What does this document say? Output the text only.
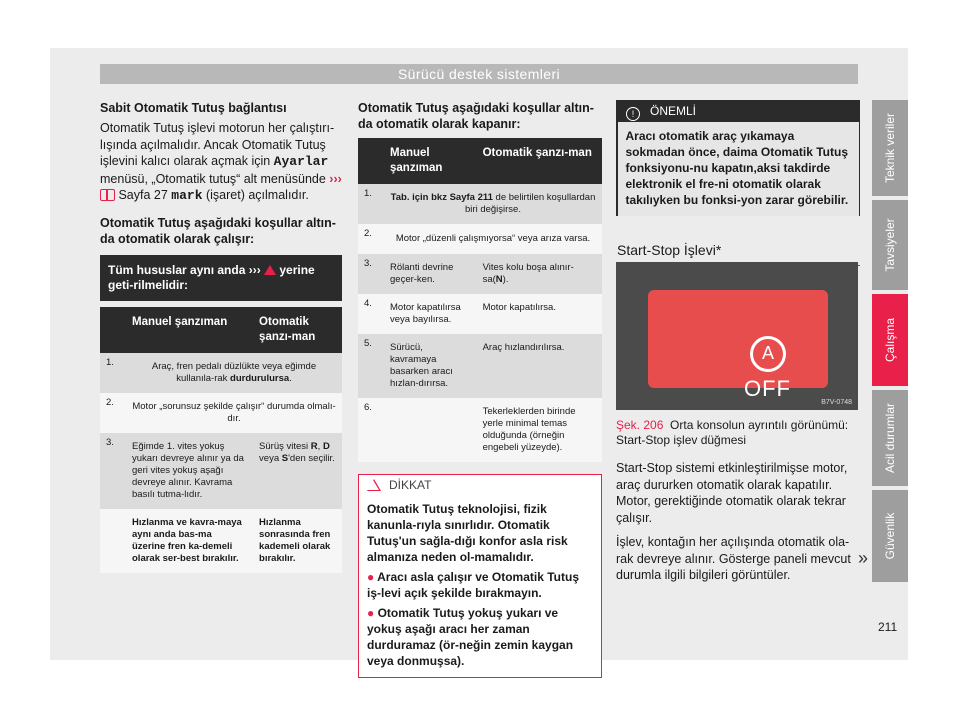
Sürücü destek sistemleri

Sabit Otomatik Tutuş bağlantısı

Otomatik Tutuş işlevi motorun her çalıştırı-lışında açılmalıdır. Ancak Otomatik Tutuş işlevini kalıcı olarak açmak için Ayarlar menüsü, „Otomatik tutuş“ alt menüsünde ›››  Sayfa 27 mark (işaret) açılmalıdır.

Otomatik Tutuş aşağıdaki koşullar altın-da otomatik olarak çalışır:

Tüm hususlar aynı anda ›››  yerine geti-rilmelidir:
	Manuel şanzıman	Otomatik şanzı-man
1.	Araç, fren pedalı düzlükte veya eğimde kullanıla-rak durdurulursa.	
2.	Motor „sorunsuz şekilde çalışır“ durumda olmalı-dır.	
3.	Eğimde 1. vites yokuş yukarı devreye alınır ya da geri vites yokuş aşağı devreye alınır. Kavrama basılı tutma-lıdır.	Sürüş vitesi R, D veya S'den seçilir.
	Hızlanma ve kavra-maya aynı anda bas-ma üzerine fren ka-demeli olarak ser-best bırakılır.	Hızlanma sonrasında fren kademeli olarak bırakılır.

Otomatik Tutuş aşağıdaki koşullar altın-da otomatik olarak kapanır:

	Manuel şanzıman	Otomatik şanzı-man
1.	Tab. için bkz Sayfa 211 de belirtilen koşullardan biri değişirse.	
2.	Motor „düzenli çalışmıyorsa“ veya arıza varsa.	
3.	Rölanti devrine geçer-ken.	Vites kolu boşa alınır-sa(N).
4.	Motor kapatılırsa veya bayılırsa.	Motor kapatılırsa.
5.	Sürücü, kavramaya basarken aracı hızlan-dırırsa.	Araç hızlandırılırsa.
6.		Tekerleklerden birinde yerle minimal temas olduğunda (örneğin engebeli yüzeyde).
DİKKAT

Otomatik Tutuş teknolojisi, fizik kanunla-rıyla sınırlıdır. Otomatik Tutuş'un sağla-dığı konfor asla risk almanıza neden ol-mamalıdır.

● Aracı asla çalışır ve Otomatik Tutuş iş-levi açık şekilde bırakmayın.

● Otomatik Tutuş yokuş yukarı ve yokuş aşağı aracı her zaman durduramaz (ör-neğin zemin kaygan veya donmuşsa).

! ÖNEMLİ
Aracı otomatik araç yıkamaya sokmadan önce, daima Otomatik Tutuş fonksiyonu-nu kapatın,aksi takdirde elektronik el fre-ni otomatik olarak takılıyken bu fonksi-yon zarar görebilir.
Start-Stop İşlevi*
A
OFF
B7V-0748
Şek. 206 Orta konsolun ayrıntılı görünümü: Start-Stop işlev düğmesi

Start-Stop sistemi etkinleştirilmişse motor, araç dururken otomatik olarak kapatılır. Motor, gerektiğinde otomatik olarak tekrar çalışır.

İşlev, kontağın her açılışında otomatik ola-rak devreye alınır. Gösterge paneli mevcut durumla ilgili bilgileri görüntüler.

»
Teknik veriler
Tavsiyeler
Çalışma
Acil durumlar
Güvenlik
211
